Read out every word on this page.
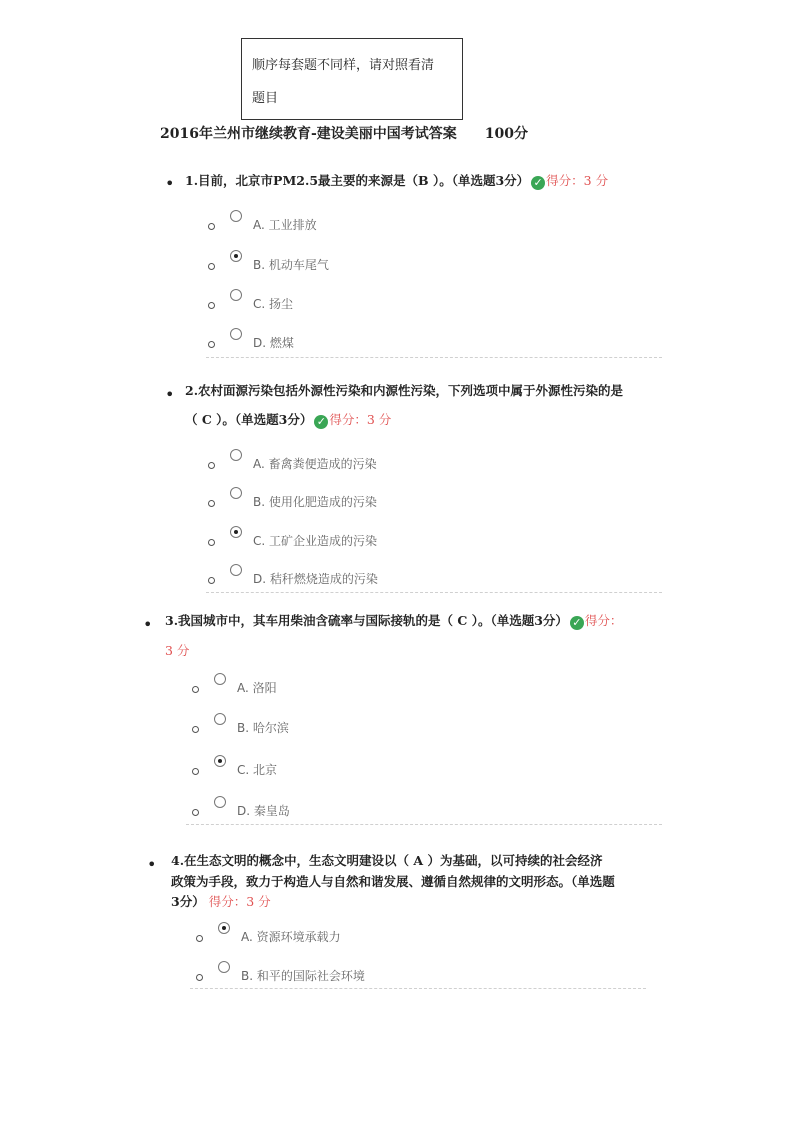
顺序每套题不同样，请对照看清
题目
2016年兰州市继续教育-建设美丽中国考试答案 100分
• 1.目前，北京市PM2.5最主要的来源是（B ）。（单选题3分） ✓ 得分：3 分
A. 工业排放
B. 机动车尾气
C. 扬尘
D. 燃煤
• 2.农村面源污染包括外源性污染和内源性污染，下列选项中属于外源性污染的是
（ C ）。（单选题3分） ✓ 得分：3 分
A. 畜禽粪便造成的污染
B. 使用化肥造成的污染
C. 工矿企业造成的污染
D. 秸秆燃烧造成的污染
• 3.我国城市中，其车用柴油含硫率与国际接轨的是（ C ）。（单选题3分） ✓ 得分：
3 分
A. 洛阳
B. 哈尔滨
C. 北京
D. 秦皇岛
• 4.在生态文明的概念中，生态文明建设以（ A ）为基础，以可持续的社会经济
政策为手段，致力于构造人与自然和谐发展、遵循自然规律的文明形态。（单选题
3分） 得分：3 分
A. 资源环境承载力
B. 和平的国际社会环境
